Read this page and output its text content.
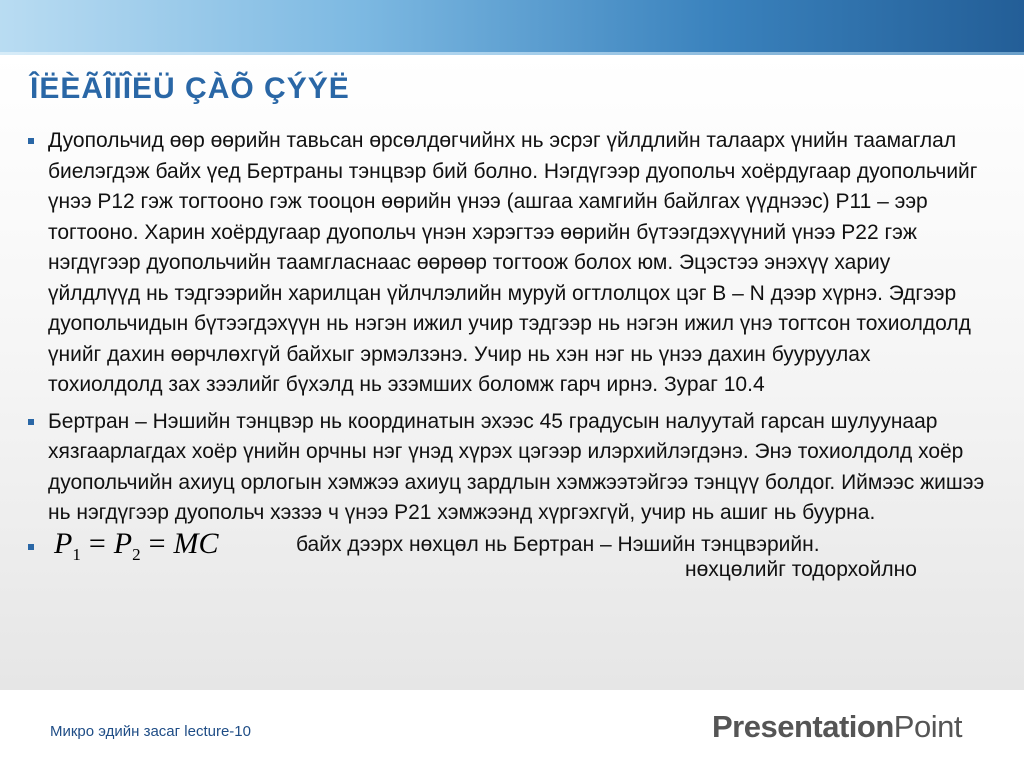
ÎËÈÃÎÏÎËÜ ÇÀÕ ÇÝÝË
Дуопольчид өөр өөрийн тавьсан өрсөлдөгчийнх нь эсрэг үйлдлийн талаарх үнийн таамаглал биелэгдэж байх үед Бертраны тэнцвэр бий болно. Нэгдүгээр дуопольч хоёрдугаар дуопольчийг үнээ Р12 гэж тогтооно гэж тооцон өөрийн үнээ (ашгаа хамгийн байлгах үүднээс) Р11 – ээр тогтооно. Харин хоёрдугаар дуопольч үнэн хэрэгтээ өөрийн бүтээгдэхүүний үнээ Р22 гэж нэгдүгээр дуопольчийн таамгласнаас өөрөөр тогтоож болох юм. Эцэстээ энэхүү хариу үйлдлүүд нь тэдгээрийн харилцан үйлчлэлийн муруй огтлолцох цэг В – N дээр хүрнэ. Эдгээр дуопольчидын бүтээгдэхүүн нь нэгэн ижил учир тэдгээр нь нэгэн ижил үнэ тогтсон тохиолдолд үнийг дахин өөрчлөхгүй байхыг эрмэлзэнэ. Учир нь хэн нэг нь үнээ дахин бууруулах тохиолдолд зах зээлийг бүхэлд нь эзэмших боломж гарч ирнэ. Зураг 10.4
Бертран – Нэшийн тэнцвэр нь координатын эхээс 45 градусын налуутай гарсан шулуунаар хязгаарлагдах хоёр үнийн орчны нэг үнэд хүрэх цэгээр илэрхийлэгдэнэ. Энэ тохиолдолд хоёр дуопольчийн ахиуц орлогын хэмжээ ахиуц зардлын хэмжээтэйгээ тэнцүү болдог. Иймээс жишээ нь нэгдүгээр дуопольч хэзээ ч үнээ Р21 хэмжээнд хүргэхгүй, учир нь ашиг нь буурна.
$P_1 = P_2$ = MC	байх дээрх нөхцөл нь Бертран – Нэшийн тэнцвэрийн.
нөхцөлийг тодорхойлно
Микро эдийн засаг lecture-10	PresentationPoint
